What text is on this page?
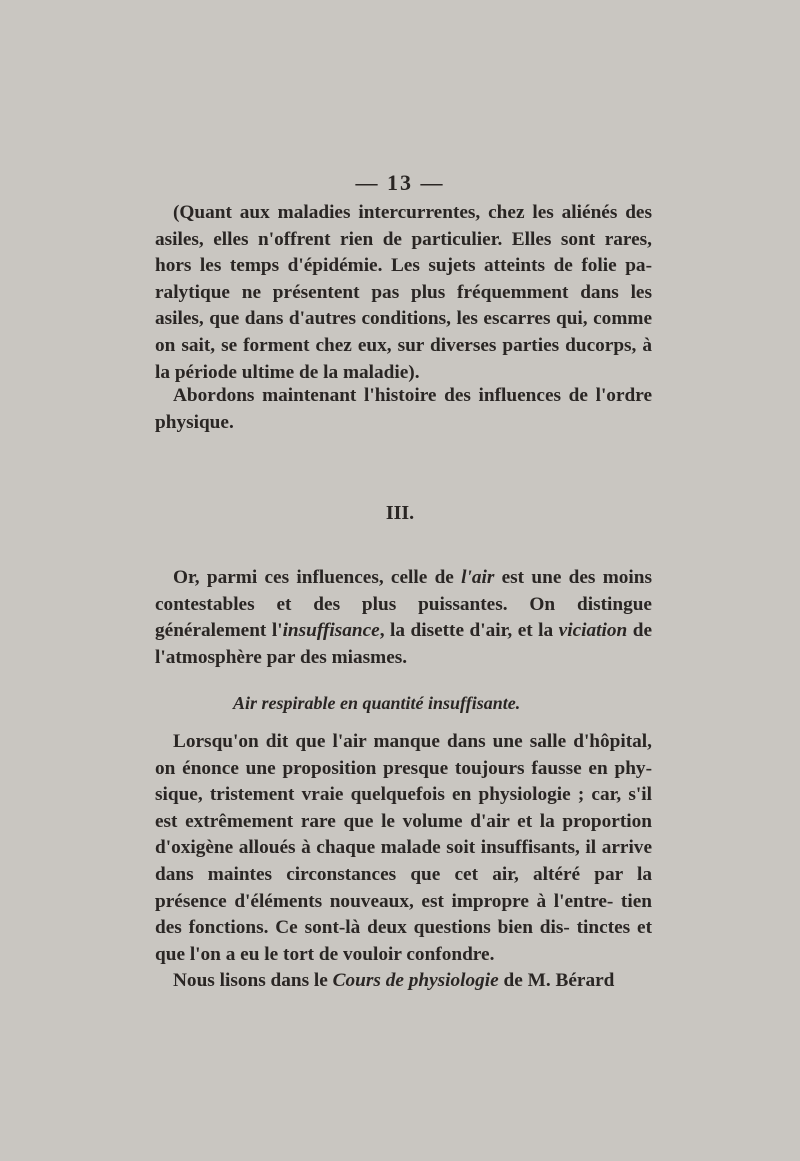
— 13 —

(Quant aux maladies intercurrentes, chez les aliénés des asiles, elles n'offrent rien de particulier. Elles sont rares, hors les temps d'épidémie. Les sujets atteints de folie pa- ralytique ne présentent pas plus fréquemment dans les asiles, que dans d'autres conditions, les escarres qui, comme on sait, se forment chez eux, sur diverses parties ducorps, à la période ultime de la maladie).

Abordons maintenant l'histoire des influences de l'ordre physique.

III.

Or, parmi ces influences, celle de l'air est une des moins contestables et des plus puissantes. On distingue généralement l'insuffisance, la disette d'air, et la viciation de l'atmosphère par des miasmes.

Air respirable en quantité insuffisante.

Lorsqu'on dit que l'air manque dans une salle d'hôpital, on énonce une proposition presque toujours fausse en phy- sique, tristement vraie quelquefois en physiologie ; car, s'il est extrêmement rare que le volume d'air et la proportion d'oxigène alloués à chaque malade soit insuffisants, il arrive dans maintes circonstances que cet air, altéré par la présence d'éléments nouveaux, est impropre à l'entre- tien des fonctions. Ce sont-là deux questions bien dis- tinctes et que l'on a eu le tort de vouloir confondre.
Nous lisons dans le Cours de physiologie de M. Bérard
